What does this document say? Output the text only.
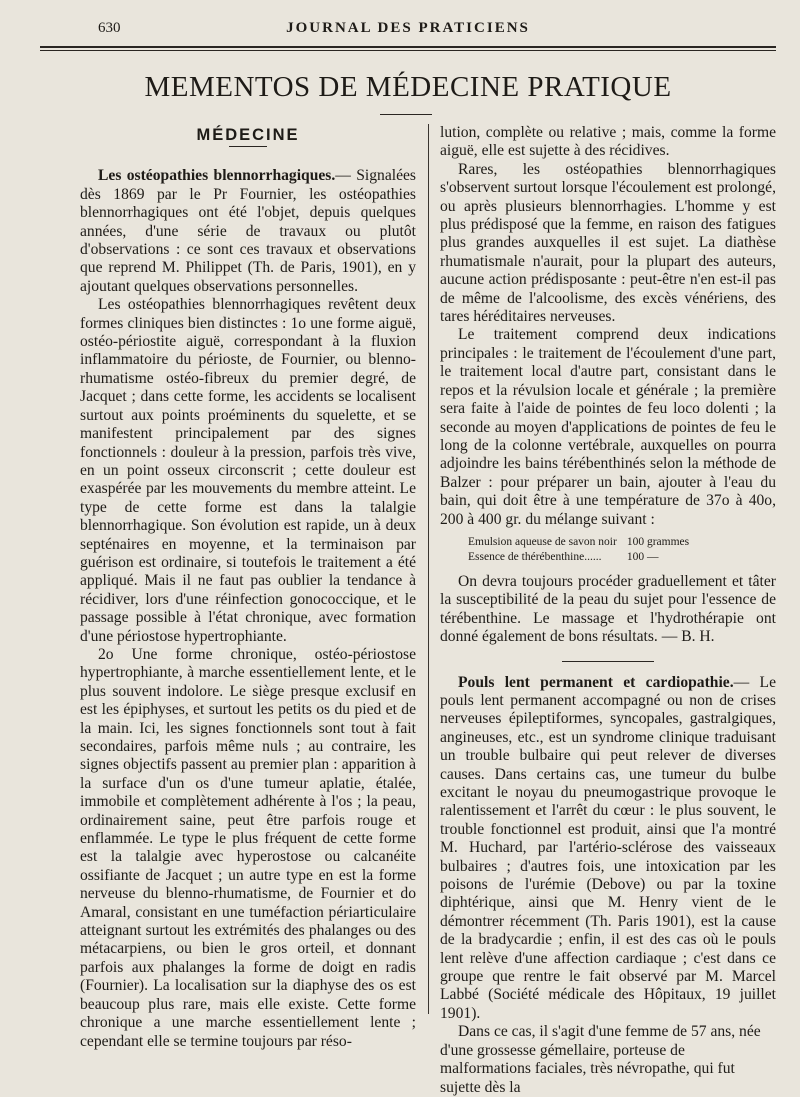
630	JOURNAL DES PRATICIENS
MEMENTOS DE MÉDECINE PRATIQUE
MÉDECINE

Les ostéopathies blennorrhagiques.— Signalées dès 1869 par le Pr Fournier, les ostéopathies blennorrhagiques ont été l'objet, depuis quelques années, d'une série de travaux ou plutôt d'observations : ce sont ces travaux et observations que reprend M. Philippet (Th. de Paris, 1901), en y ajoutant quelques observations personnelles.

Les ostéopathies blennorrhagiques revêtent deux formes cliniques bien distinctes : 1o une forme aiguë, ostéo-périostite aiguë, correspondant à la fluxion inflammatoire du périoste, de Fournier, ou blenno-rhumatisme ostéo-fibreux du premier degré, de Jacquet ; dans cette forme, les accidents se localisent surtout aux points proéminents du squelette, et se manifestent principalement par des signes fonctionnels : douleur à la pression, parfois très vive, en un point osseux circonscrit ; cette douleur est exaspérée par les mouvements du membre atteint. Le type de cette forme est dans la talalgie blennorrhagique. Son évolution est rapide, un à deux septénaires en moyenne, et la terminaison par guérison est ordinaire, si toutefois le traitement a été appliqué. Mais il ne faut pas oublier la tendance à récidiver, lors d'une réinfection gonococcique, et le passage possible à l'état chronique, avec formation d'une périostose hypertrophiante.

2o Une forme chronique, ostéo-périostose hypertrophiante, à marche essentiellement lente, et le plus souvent indolore. Le siège presque exclusif en est les épiphyses, et surtout les petits os du pied et de la main. Ici, les signes fonctionnels sont tout à fait secondaires, parfois même nuls ; au contraire, les signes objectifs passent au premier plan : apparition à la surface d'un os d'une tumeur aplatie, étalée, immobile et complètement adhérente à l'os ; la peau, ordinairement saine, peut être parfois rouge et enflammée. Le type le plus fréquent de cette forme est la talalgie avec hyperostose ou calcanéite ossifiante de Jacquet ; un autre type en est la forme nerveuse du blenno-rhumatisme, de Fournier et do Amaral, consistant en une tuméfaction périarticulaire atteignant surtout les extrémités des phalanges ou des métacarpiens, ou bien le gros orteil, et donnant parfois aux phalanges la forme de doigt en radis (Fournier). La localisation sur la diaphyse des os est beaucoup plus rare, mais elle existe. Cette forme chronique a une marche essentiellement lente ; cependant elle se termine toujours par réso-

lution, complète ou relative ; mais, comme la forme aiguë, elle est sujette à des récidives.

Rares, les ostéopathies blennorrhagiques s'observent surtout lorsque l'écoulement est prolongé, ou après plusieurs blennorrhagies. L'homme y est plus prédisposé que la femme, en raison des fatigues plus grandes auxquelles il est sujet. La diathèse rhumatismale n'aurait, pour la plupart des auteurs, aucune action prédisposante : peut-être n'en est-il pas de même de l'alcoolisme, des excès vénériens, des tares héréditaires nerveuses.

Le traitement comprend deux indications principales : le traitement de l'écoulement d'une part, le traitement local d'autre part, consistant dans le repos et la révulsion locale et générale ; la première sera faite à l'aide de pointes de feu loco dolenti ; la seconde au moyen d'applications de pointes de feu le long de la colonne vertébrale, auxquelles on pourra adjoindre les bains térébenthinés selon la méthode de Balzer : pour préparer un bain, ajouter à l'eau du bain, qui doit être à une température de 37o à 40o, 200 à 400 gr. du mélange suivant :

Emulsion aqueuse de savon noir	100 grammes
Essence de thérébenthine......	100 —

On devra toujours procéder graduellement et tâter la susceptibilité de la peau du sujet pour l'essence de térébenthine. Le massage et l'hydrothérapie ont donné également de bons résultats. — B. H.

Pouls lent permanent et cardiopathie.— Le pouls lent permanent accompagné ou non de crises nerveuses épileptiformes, syncopales, gastralgiques, angineuses, etc., est un syndrome clinique traduisant un trouble bulbaire qui peut relever de diverses causes. Dans certains cas, une tumeur du bulbe excitant le noyau du pneumogastrique provoque le ralentissement et l'arrêt du cœur : le plus souvent, le trouble fonctionnel est produit, ainsi que l'a montré M. Huchard, par l'artério-sclérose des vaisseaux bulbaires ; d'autres fois, une intoxication par les poisons de l'urémie (Debove) ou par la toxine diphtérique, ainsi que M. Henry vient de le démontrer récemment (Th. Paris 1901), est la cause de la bradycardie ; enfin, il est des cas où le pouls lent relève d'une affection cardiaque ; c'est dans ce groupe que rentre le fait observé par M. Marcel Labbé (Société médicale des Hôpitaux, 19 juillet 1901).

Dans ce cas, il s'agit d'une femme de 57 ans, née d'une grossesse gémellaire, porteuse de malformations faciales, très névropathe, qui fut sujette dès la
